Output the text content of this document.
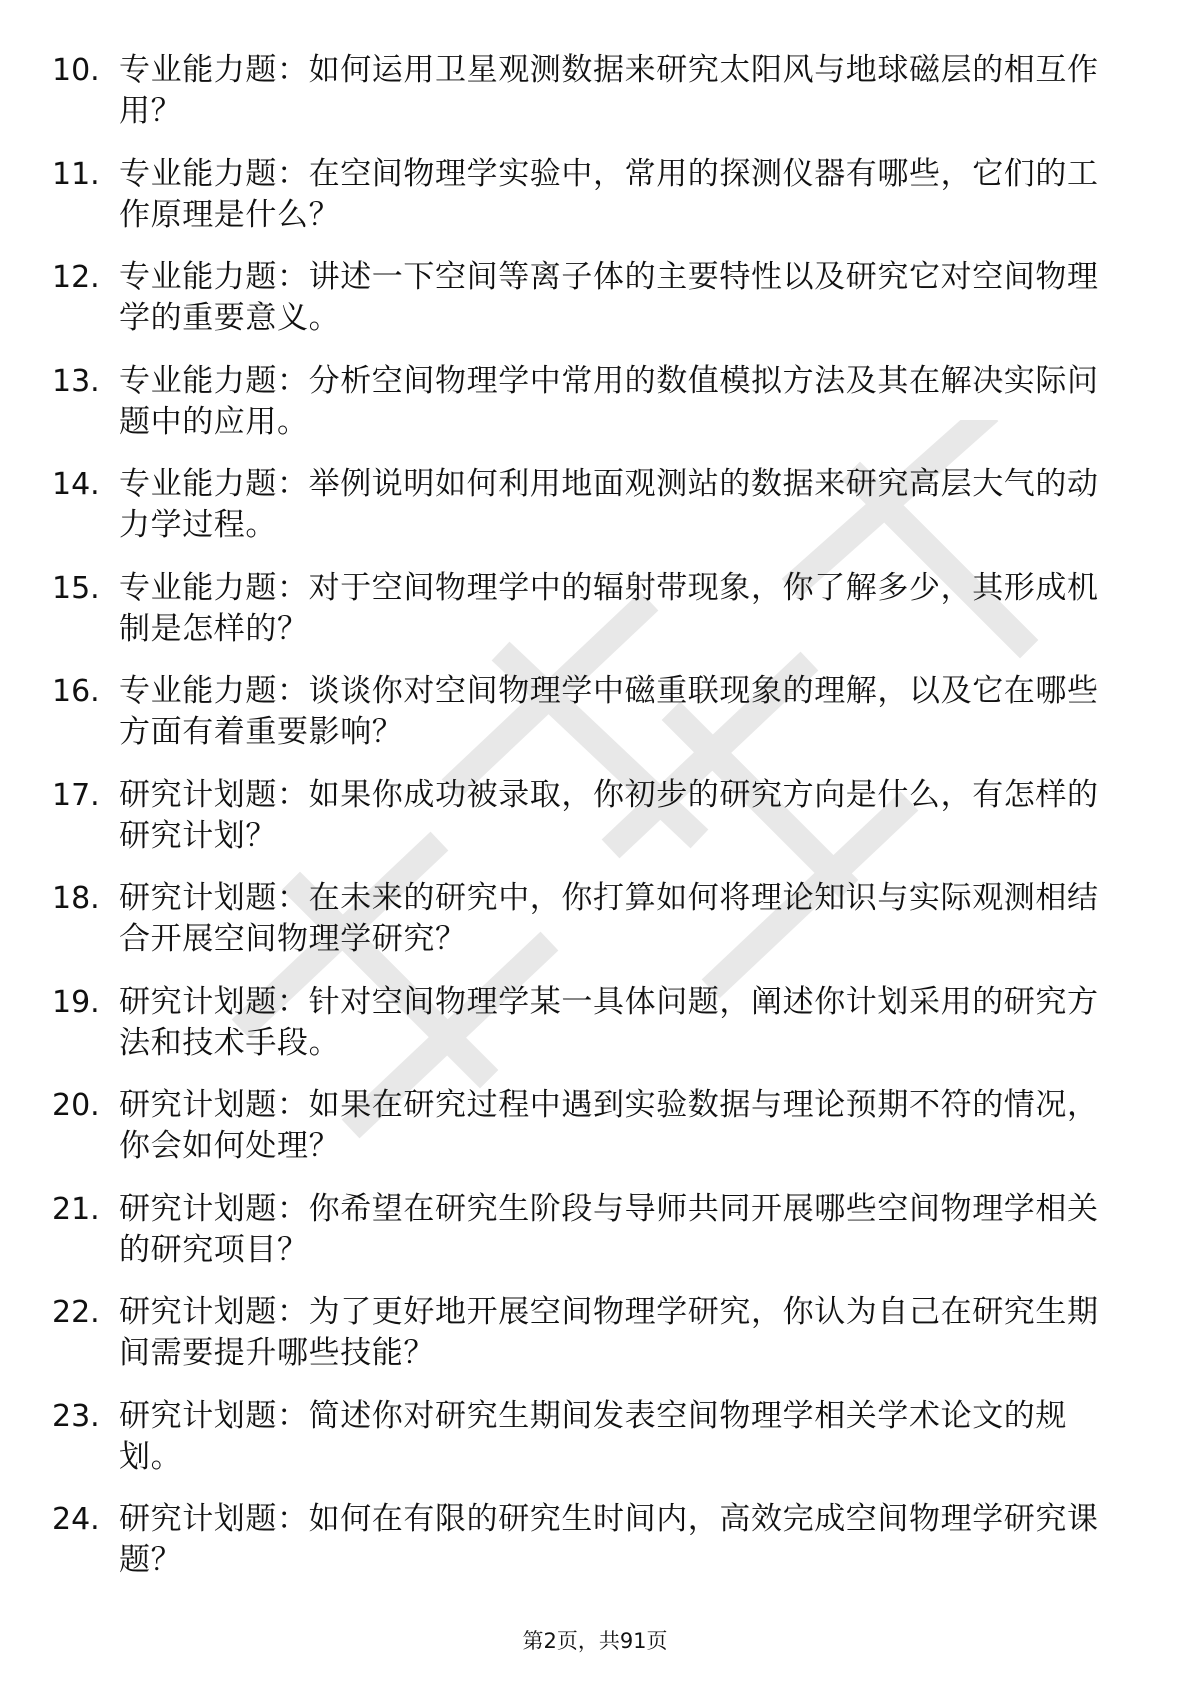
10. 专业能力题：如何运用卫星观测数据来研究太阳风与地球磁层的相互作用？
11. 专业能力题：在空间物理学实验中，常用的探测仪器有哪些，它们的工作原理是什么？
12. 专业能力题：讲述一下空间等离子体的主要特性以及研究它对空间物理学的重要意义。
13. 专业能力题：分析空间物理学中常用的数值模拟方法及其在解决实际问题中的应用。
14. 专业能力题：举例说明如何利用地面观测站的数据来研究高层大气的动力学过程。
15. 专业能力题：对于空间物理学中的辐射带现象，你了解多少，其形成机制是怎样的？
16. 专业能力题：谈谈你对空间物理学中磁重联现象的理解，以及它在哪些方面有着重要影响？
17. 研究计划题：如果你成功被录取，你初步的研究方向是什么，有怎样的研究计划？
18. 研究计划题：在未来的研究中，你打算如何将理论知识与实际观测相结合开展空间物理学研究？
19. 研究计划题：针对空间物理学某一具体问题，阐述你计划采用的研究方法和技术手段。
20. 研究计划题：如果在研究过程中遇到实验数据与理论预期不符的情况，你会如何处理？
21. 研究计划题：你希望在研究生阶段与导师共同开展哪些空间物理学相关的研究项目？
22. 研究计划题：为了更好地开展空间物理学研究，你认为自己在研究生期间需要提升哪些技能？
23. 研究计划题：简述你对研究生期间发表空间物理学相关学术论文的规划。
24. 研究计划题：如何在有限的研究生时间内，高效完成空间物理学研究课题？
第2页，共91页
